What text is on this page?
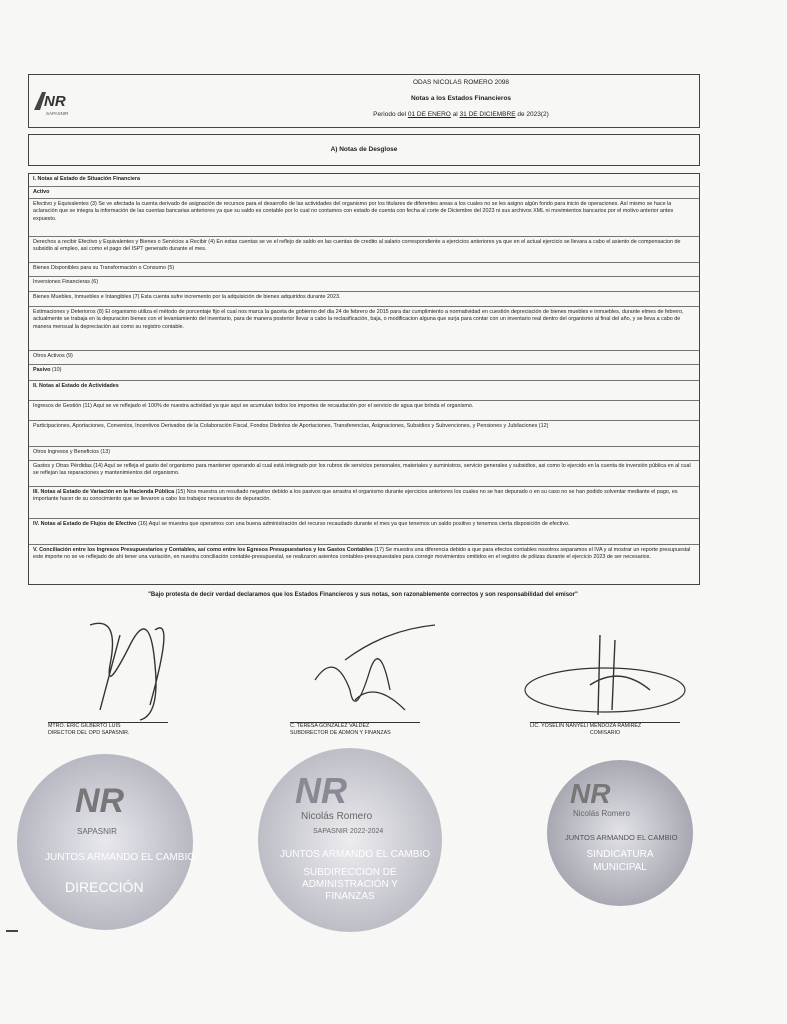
NR
SAPASNIR
ODAS NICOLAS ROMERO 2098
Notas a los Estados Financieros
Periodo del 01 DE ENERO al 31 DE DICIEMBRE de 2023(2)
A) Notas de Desglose
I. Notas al Estado de Situación Financiera
Activo
Efectivo y Equivalentes (3) Se ve afectada la cuenta derivado de asignación de recursos para el desarrollo de las actividades del organismo por los titulares de diferentes areas a los cuales no se les asigno algún fondo para inicio de operaciones. Así mismo se hace la aclaración que se integra la información de las cuentas bancarias anteriores ya que su saldo es contable por lo cual no contamos con estado de cuenta con fecha al corte de Diciembre del 2023 ni sus archivos XML ni movimientos bancarios por el motivo anterior antes expuesto.
Derechos a recibir Efectivo y Equivalentes y Bienes o Servicios a Recibir (4) En estas cuentas se ve el reflejo de saldo en las cuentas de credito al salario correspondiente a ejercicios anteriores ya que en el actual ejercicio se llevara a cabo el asiento de compensacion de subsidio al empleo, asi como el pago del ISPT generado durante el mes.
Bienes Disponibles para su Transformación o Consumo (5)
Inversiones Financieras (6)
Bienes Muebles, Inmuebles e Intangibles (7) Esta cuenta sufre incremento por la adquisición de bienes adquiridos durante 2023.
Estimaciones y Deterioros (8) El organismo utiliza el método de porcentaje fijo el cual nos marca la gaceta de gobierno del dia 24 de febrero de 2015 para dar cumplimiento a normatividad en cuestión depreciación de bienes muebles e inmuebles, durante elmes de febrero, actualmente se trabaja en la depuracion bienes con el levantamiento del inventario, para de manera posterior llevar a cabo la reclasificación, baja, o modificacion alguna que surja para contar con un inventario real dentro del organismo al final del año, y se lleva a cabo de manera mensual la depreciación asi como su registro contable.
Otros Activos (9)
Pasivo (10)
II. Notas al Estado de Actividades
Ingresos de Gestión (11) Aquí se ve reflejado el 100% de nuestra actividad ya que aquí se acumulan todos los importes de recaudación por el servicio de agua que brinda el organismo.
Participaciones, Aportaciones, Convenios, Incentivos Derivados de la Colaboración Fiscal, Fondos Distintos de Aportaciones, Transferencias, Asignaciones, Subsidios y Subvenciones, y Pensiones y Jubilaciones (12)
Otros Ingresos y Beneficios (13)
Gastos y Otras Pérdidas (14) Aquí se refleja el gasto del organismo para mantener operando al cual está integrado por los rubros de servicios personales, materiales y suministros, servicio generales y subsidios, asi como lo ejercido en la cuenta de inversión pública en al cual se reflejan las reparaciones y mantenimientos del organismo.
III. Notas al Estado de Variación en la Hacienda Pública (15) Nos muestra un resultado negativo debido a los pasivos que arrastra el organismo durante ejercicios anteriores los cuales no se han depurado o en su caso no se han podido solventar mediante el pago, es importante hacer de su conocimiento que se llevaron a cabo los trabajos necesarios de depuración.
IV. Notas al Estado de Flujos de Efectivo (16) Aquí se muestra que operamos con una buena administración del recurso recaudado durante el mes ya que tenemos un saldo positivo y tenemos cierta disposición de efectivo.
V. Conciliación entre los Ingresos Presupuestarios y Contables, así como entre los Egresos Presupuestarios y los Gastos Contables (17) Se muestra una diferencia debido a que para efectos contables nosotros separamos el IVA y al mostrar un reporte presupuestal este importe no se ve reflejado de ahí tener una variación, en nuestra conciliación contable-presupuestal, se realizaron asientos contables-presupuestales para corregir movimientos omitidos en el registro de pólizas durante el ejercicio 2023 de ser necesarios.
"Bajo protesta de decir verdad declaramos que los Estados Financieros y sus notas, son razonablemente correctos y son responsabilidad del emisor"
MTRO. ERIC GILBERTO LUIS
DIRECTOR DEL OPD SAPASNIR.
C. TERESA GONZALEZ VALDEZ
SUBDIRECTOR DE ADMON Y FINANZAS
LIC. YOSELIN NANYELI MENDOZA RAMIREZ
COMISARIO
NR
SAPASNIR
JUNTOS ARMANDO EL CAMBIO
DIRECCIÓN
NR
Nicolás Romero
SAPASNIR 2022-2024
JUNTOS ARMANDO EL CAMBIO
SUBDIRECCIÓN DE ADMINISTRACIÓN Y FINANZAS
NR
Nicolás Romero
JUNTOS ARMANDO EL CAMBIO
SINDICATURA MUNICIPAL
